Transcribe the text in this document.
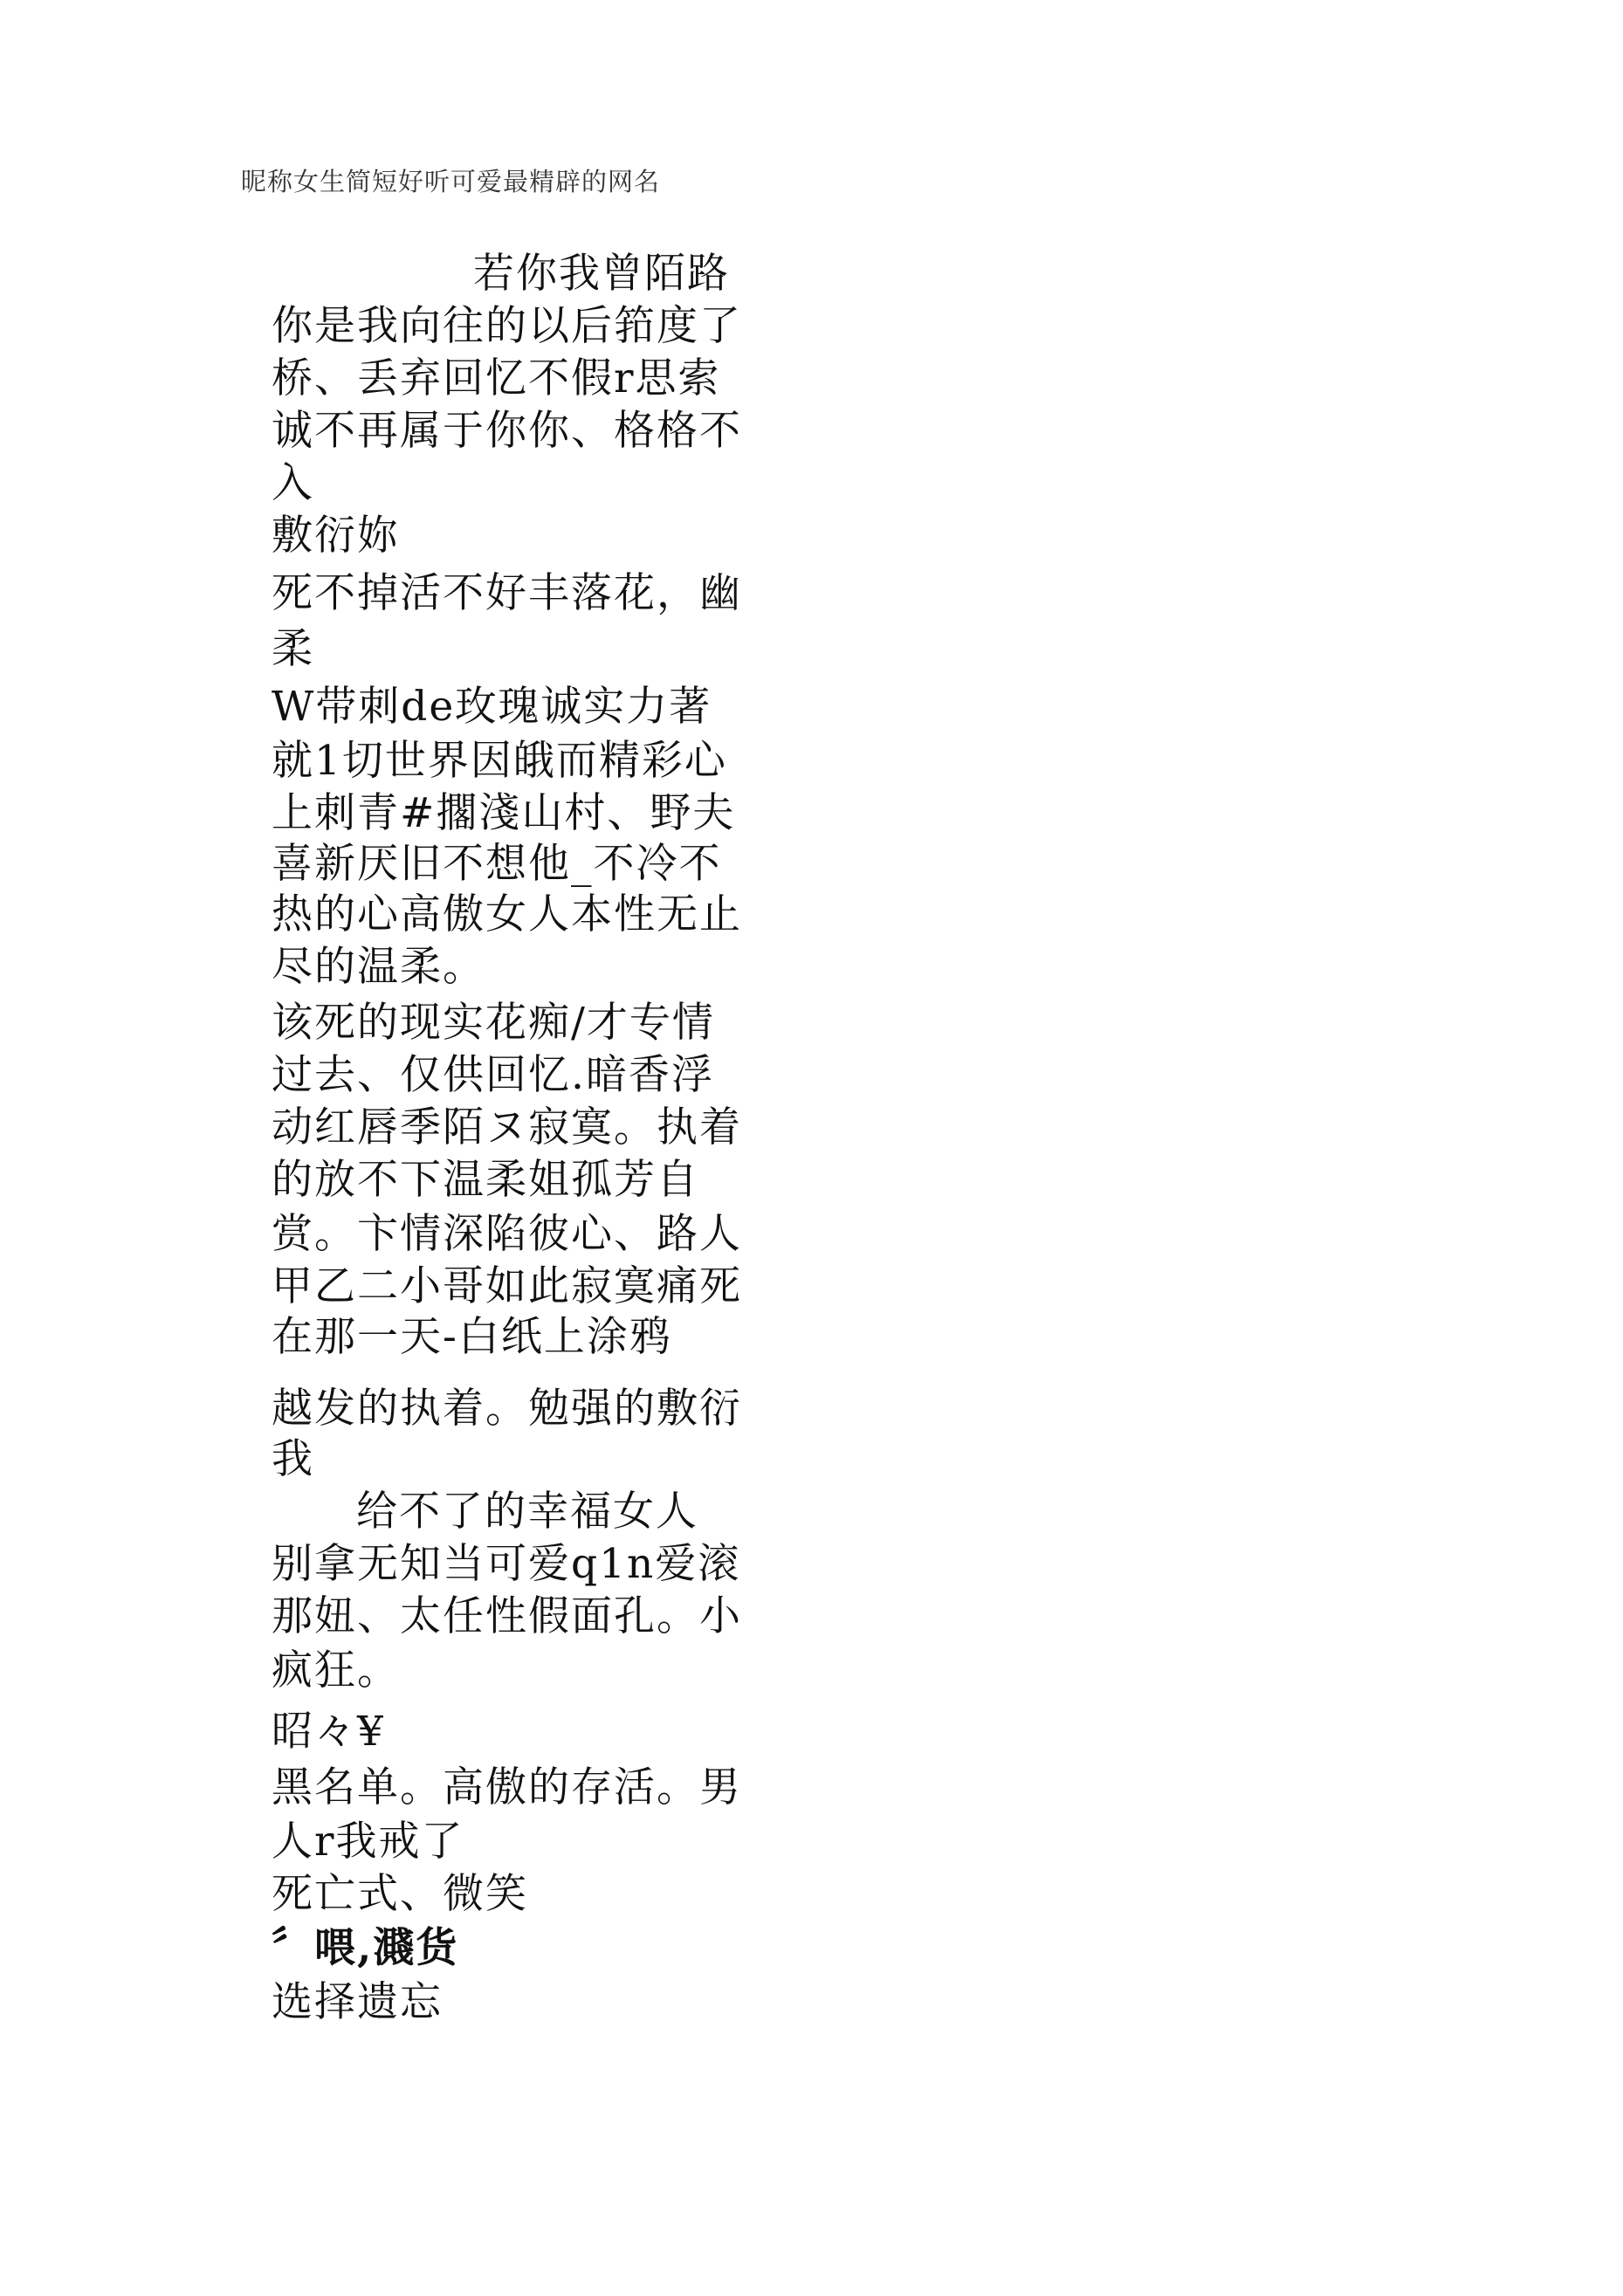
昵称女生简短好听可爱最精辟的网名
若你我曾陌路
你是我向往的以后筘度了
桥、丢弃回忆不假r思索
诚不再属于你你、格格不
入
敷衍妳
死不掉活不好丰落花，幽
柔
W带刺de玫瑰诚实力著
就1切世界因皒而精彩心
上刺青#擱淺山村、野夫
喜新厌旧不想他_不冷不
热的心高傲女人本性无止
尽的温柔。
该死的现实花痴/才专情
过去、仅供回忆.暗香浮
动红唇季陌ヌ寂寞。执着
的放不下温柔姐孤芳自
赏。卞情深陷彼心、路人
甲乙二小哥如此寂寞痛死
在那一天-白纸上涂鸦
越发的执着。勉强的敷衍
我
给不了的幸福女人
别拿无知当可爱q1n爱滚
那妞、太任性假面孔。小
疯狂。
昭々¥
黑名单。高傲的存活。男
人r我戒了
死亡式、微笑
〞喂,濺货
选择遗忘
